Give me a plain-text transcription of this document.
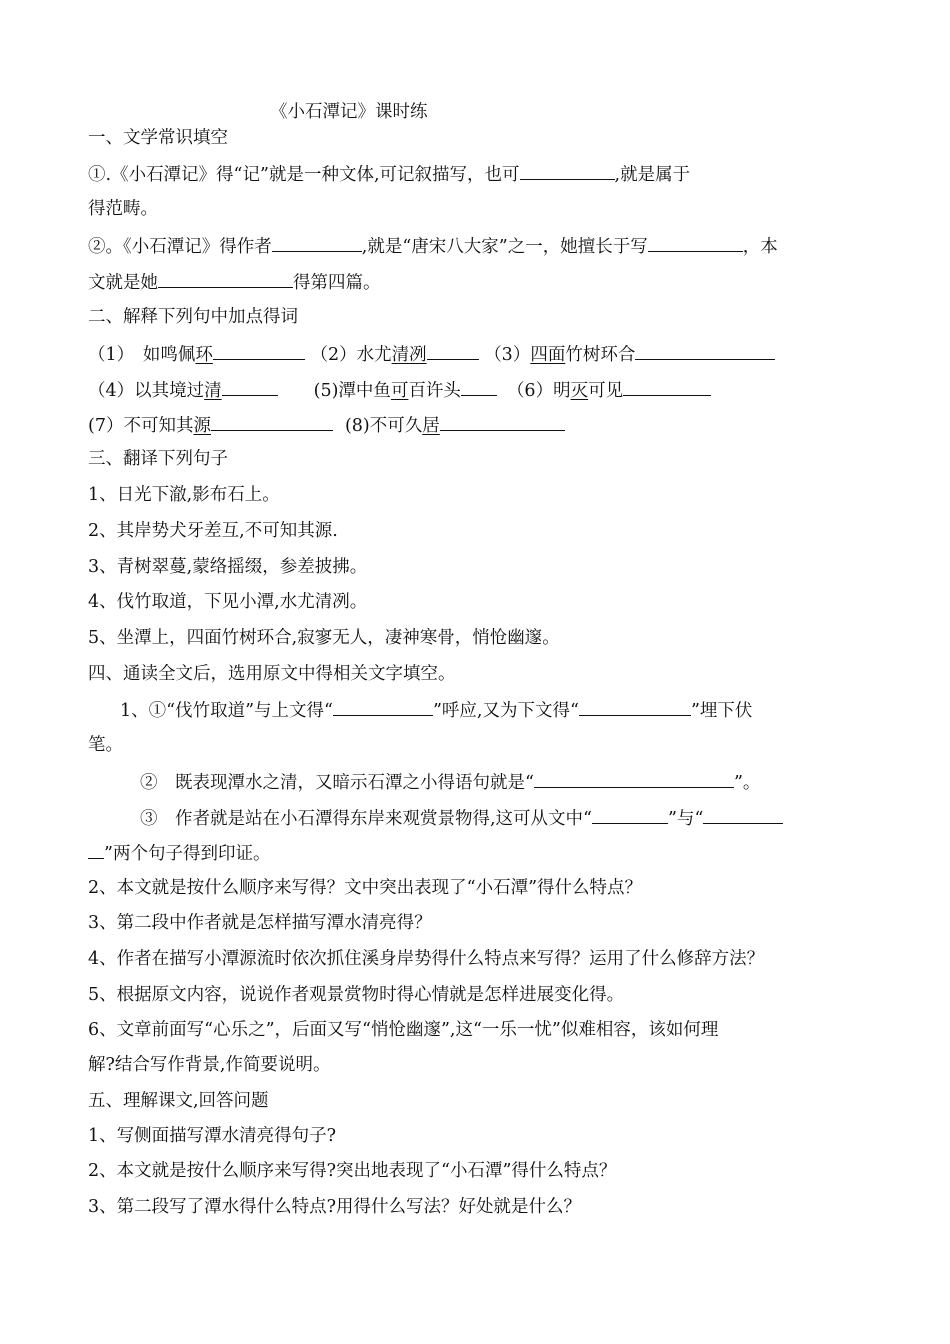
《小石潭记》课时练
一、文学常识填空
①.《小石潭记》得“记”就是一种文体,可记叙描写，也可	,就是属于
得范畴。
②。《小石潭记》得作者	,就是“唐宋八大家”之一，她擅长于写	，本
文就是她	得第四篇。
二、解释下列句中加点得词
（1）　如鸣佩环	（2）水尤清冽	（3）四面竹树环合
（4）以其境过清	(5)潭中鱼可百许头	（6）明灭可见
(7）不可知其源	(8)不可久居
三、翻译下列句子
1、日光下澈,影布石上。
2、其岸势犬牙差互,不可知其源.
3、青树翠蔓,蒙络摇缀，参差披拂。
4、伐竹取道，下见小潭,水尤清冽。
5、坐潭上，四面竹树环合,寂寥无人，凄神寒骨，悄怆幽邃。
四、通读全文后，选用原文中得相关文字填空。
1、①“伐竹取道”与上文得“	”呼应,又为下文得“	”埋下伏
笔。
②　既表现潭水之清，又暗示石潭之小得语句就是“	”。
③　作者就是站在小石潭得东岸来观赏景物得,这可从文中“	”与“
”两个句子得到印证。
2、本文就是按什么顺序来写得？文中突出表现了“小石潭”得什么特点？
3、第二段中作者就是怎样描写潭水清亮得？
4、作者在描写小潭源流时依次抓住溪身岸势得什么特点来写得？运用了什么修辞方法？
5、根据原文内容，说说作者观景赏物时得心情就是怎样进展变化得。
6、文章前面写“心乐之”，后面又写“悄怆幽邃”,这“一乐一忧”似难相容，该如何理
解?结合写作背景,作简要说明。
五、理解课文,回答问题
1、写侧面描写潭水清亮得句子?
2、本文就是按什么顺序来写得?突出地表现了“小石潭”得什么特点？
3、第二段写了潭水得什么特点?用得什么写法？好处就是什么？
